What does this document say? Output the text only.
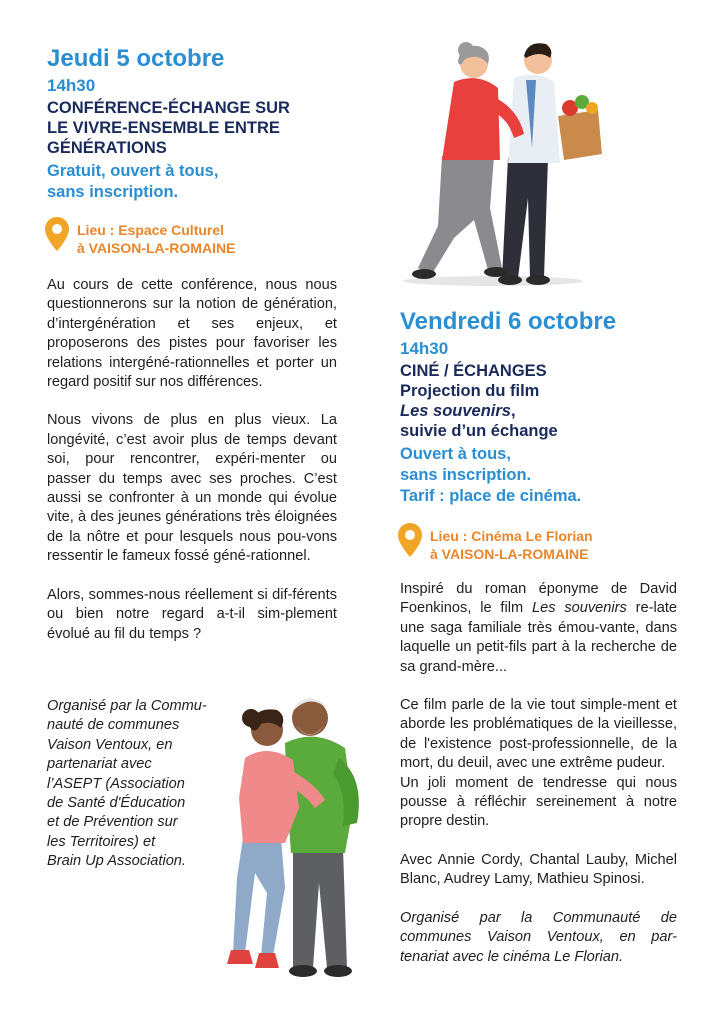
Jeudi 5 octobre
14h30
CONFÉRENCE-ÉCHANGE SUR
LE VIVRE-ENSEMBLE ENTRE
GÉNÉRATIONS
Gratuit, ouvert à tous,
sans inscription.
Lieu : Espace Culturel
à VAISON-LA-ROMAINE

Au cours de cette conférence, nous nous questionnerons sur la notion de génération, d’intergénération et ses enjeux, et proposerons des pistes pour favoriser les relations intergéné-rationnelles et porter un regard positif sur nos différences.

Nous vivons de plus en plus vieux. La longévité, c’est avoir plus de temps devant soi, pour rencontrer, expéri-menter ou passer du temps avec ses proches. C’est aussi se confronter à un monde qui évolue vite, à des jeunes générations très éloignées de la nôtre et pour lesquels nous pou-vons ressentir le fameux fossé géné-rationnel.

Alors, sommes-nous réellement si dif-férents ou bien notre regard a-t-il sim-plement évolué au fil du temps ?

Organisé par la Commu-
nauté de communes
Vaison Ventoux, en
partenariat avec
l’ASEPT (Association
de Santé d'Éducation
et de Prévention sur
les Territoires) et
Brain Up Association.
Vendredi 6 octobre
14h30
CINÉ / ÉCHANGES
Projection du film
Les souvenirs,
suivie d’un échange
Ouvert à tous,
sans inscription.
Tarif : place de cinéma.
Lieu : Cinéma Le Florian
à VAISON-LA-ROMAINE

Inspiré du roman éponyme de David Foenkinos, le film Les souvenirs re-late une saga familiale très émou-vante, dans laquelle un petit-fils part à la recherche de sa grand-mère...

Ce film parle de la vie tout simple-ment et aborde les problématiques de la vieillesse, de l'existence post-professionnelle, de la mort, du deuil, avec une extrême pudeur.

Un joli moment de tendresse qui nous pousse à réfléchir sereinement à notre propre destin.

Avec Annie Cordy, Chantal Lauby, Michel Blanc, Audrey Lamy, Mathieu Spinosi.

Organisé par la Communauté de communes Vaison Ventoux, en par-tenariat avec le cinéma Le Florian.
